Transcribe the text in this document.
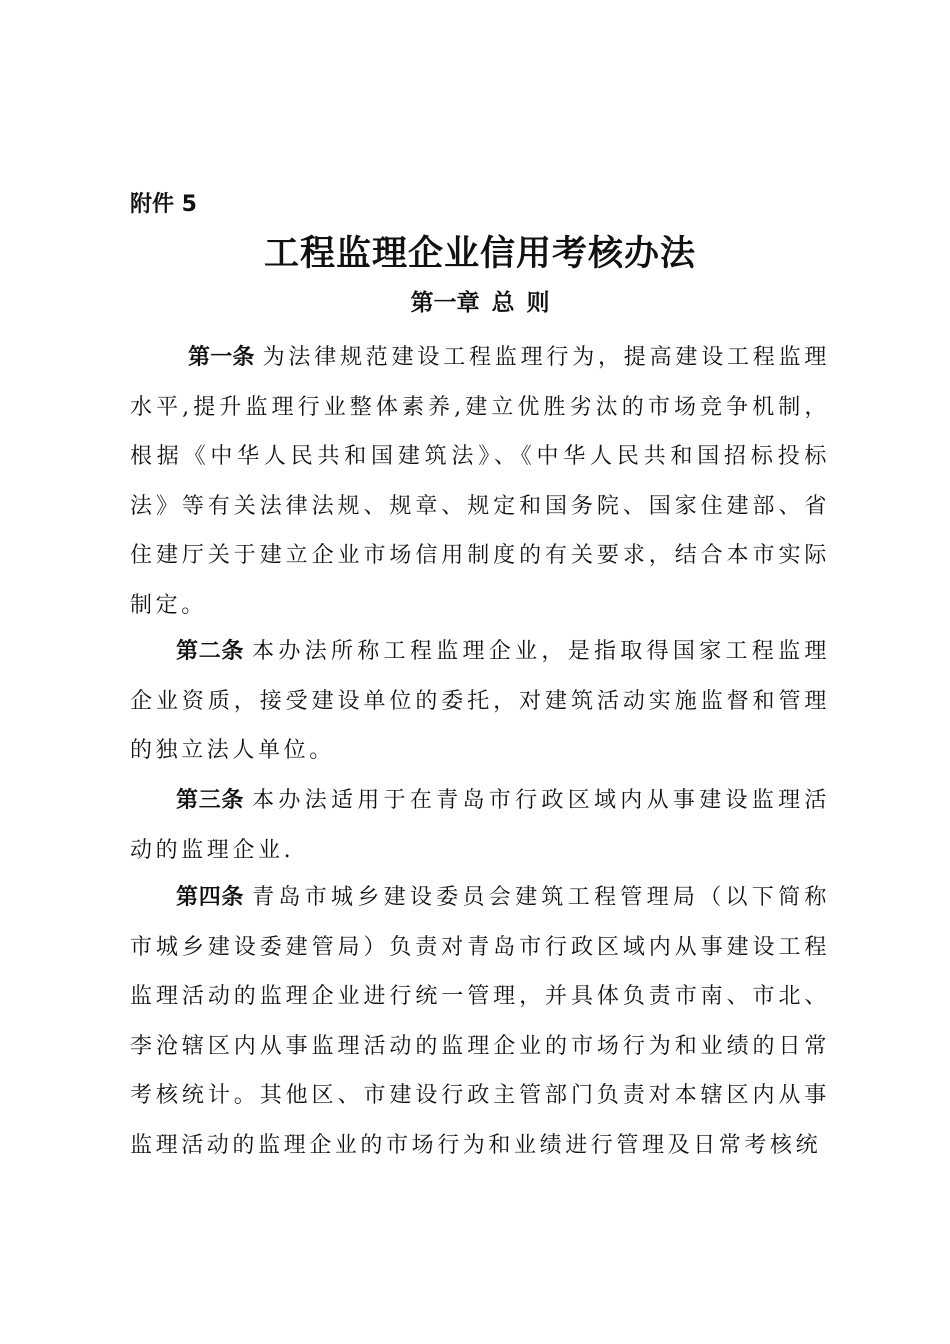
附件 5
工程监理企业信用考核办法
第一章 总 则

第一条 为法律规范建设工程监理行为，提高建设工程监理水平,提升监理行业整体素养,建立优胜劣汰的市场竞争机制，根据《中华人民共和国建筑法》、《中华人民共和国招标投标法》等有关法律法规、规章、规定和国务院、国家住建部、省住建厅关于建立企业市场信用制度的有关要求，结合本市实际制定。

第二条 本办法所称工程监理企业，是指取得国家工程监理企业资质，接受建设单位的委托，对建筑活动实施监督和管理的独立法人单位。

第三条 本办法适用于在青岛市行政区域内从事建设监理活动的监理企业.

第四条 青岛市城乡建设委员会建筑工程管理局（以下简称市城乡建设委建管局）负责对青岛市行政区域内从事建设工程监理活动的监理企业进行统一管理，并具体负责市南、市北、李沧辖区内从事监理活动的监理企业的市场行为和业绩的日常考核统计。其他区、市建设行政主管部门负责对本辖区内从事监理活动的监理企业的市场行为和业绩进行管理及日常考核统
